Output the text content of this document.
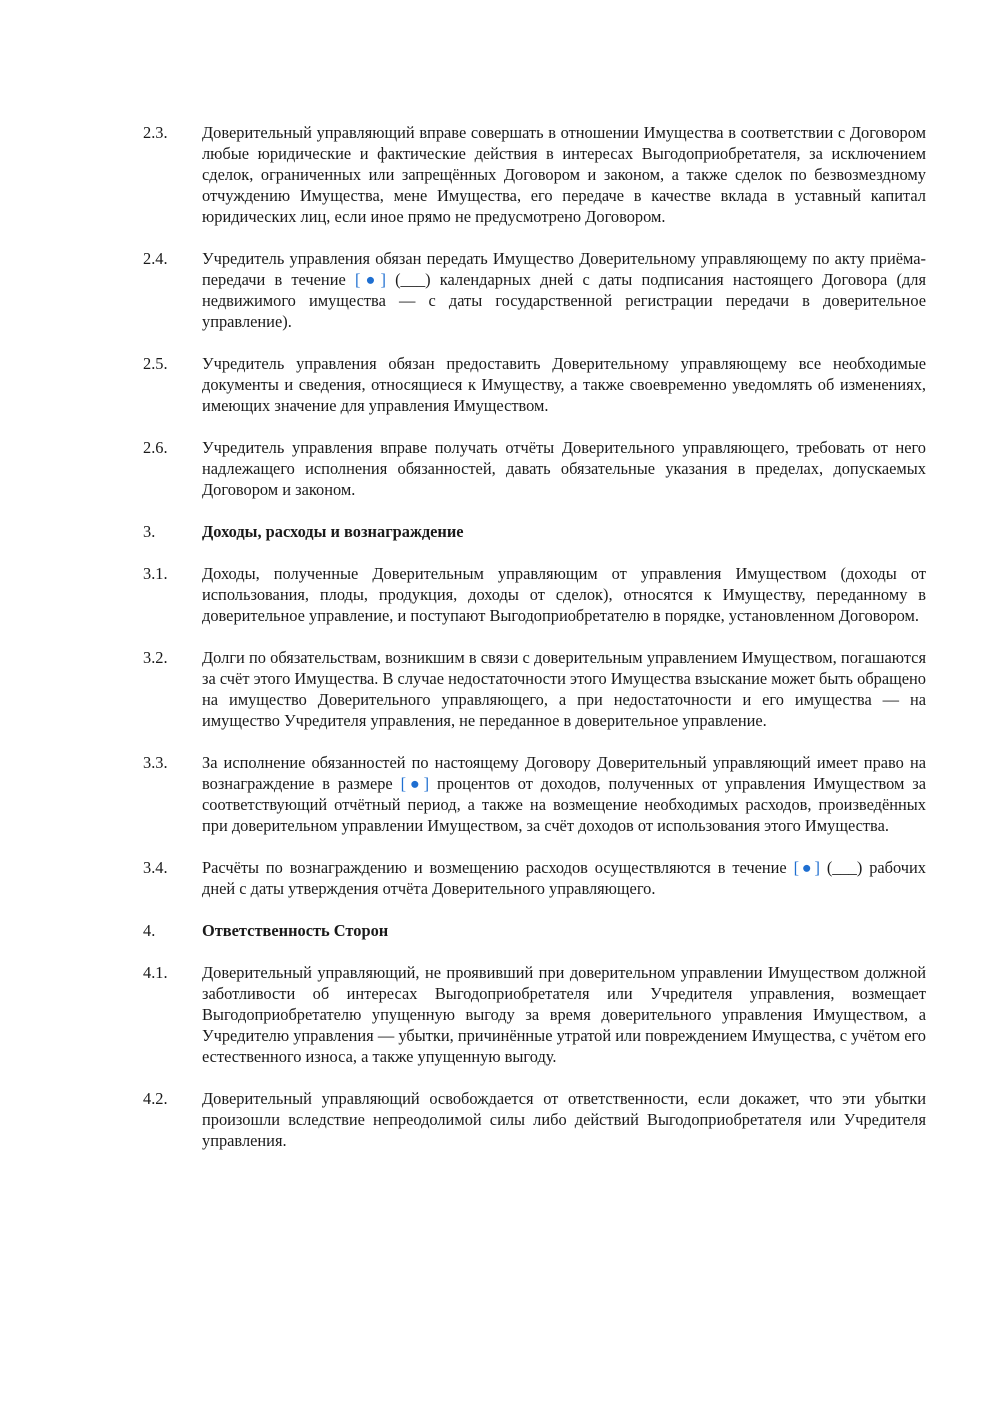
2.3.	Доверительный управляющий вправе совершать в отношении Имущества в соответствии с Договором любые юридические и фактические действия в интересах Выгодоприобретателя, за исключением сделок, ограниченных или запрещённых Договором и законом, а также сделок по безвозмездному отчуждению Имущества, мене Имущества, его передаче в качестве вклада в уставный капитал юридических лиц, если иное прямо не предусмотрено Договором.
2.4.	Учредитель управления обязан передать Имущество Доверительному управляющему по акту приёма-передачи в течение [●] (___) календарных дней с даты подписания настоящего Договора (для недвижимого имущества — с даты государственной регистрации передачи в доверительное управление).
2.5.	Учредитель управления обязан предоставить Доверительному управляющему все необходимые документы и сведения, относящиеся к Имуществу, а также своевременно уведомлять об изменениях, имеющих значение для управления Имуществом.
2.6.	Учредитель управления вправе получать отчёты Доверительного управляющего, требовать от него надлежащего исполнения обязанностей, давать обязательные указания в пределах, допускаемых Договором и законом.
3.	Доходы, расходы и вознаграждение
3.1.	Доходы, полученные Доверительным управляющим от управления Имуществом (доходы от использования, плоды, продукция, доходы от сделок), относятся к Имуществу, переданному в доверительное управление, и поступают Выгодоприобретателю в порядке, установленном Договором.
3.2.	Долги по обязательствам, возникшим в связи с доверительным управлением Имуществом, погашаются за счёт этого Имущества. В случае недостаточности этого Имущества взыскание может быть обращено на имущество Доверительного управляющего, а при недостаточности и его имущества — на имущество Учредителя управления, не переданное в доверительное управление.
3.3.	За исполнение обязанностей по настоящему Договору Доверительный управляющий имеет право на вознаграждение в размере [●] процентов от доходов, полученных от управления Имуществом за соответствующий отчётный период, а также на возмещение необходимых расходов, произведённых при доверительном управлении Имуществом, за счёт доходов от использования этого Имущества.
3.4.	Расчёты по вознаграждению и возмещению расходов осуществляются в течение [●] (___) рабочих дней с даты утверждения отчёта Доверительного управляющего.
4.	Ответственность Сторон
4.1.	Доверительный управляющий, не проявивший при доверительном управлении Имуществом должной заботливости об интересах Выгодоприобретателя или Учредителя управления, возмещает Выгодоприобретателю упущенную выгоду за время доверительного управления Имуществом, а Учредителю управления — убытки, причинённые утратой или повреждением Имущества, с учётом его естественного износа, а также упущенную выгоду.
4.2.	Доверительный управляющий освобождается от ответственности, если докажет, что эти убытки произошли вследствие непреодолимой силы либо действий Выгодоприобретателя или Учредителя управления.
